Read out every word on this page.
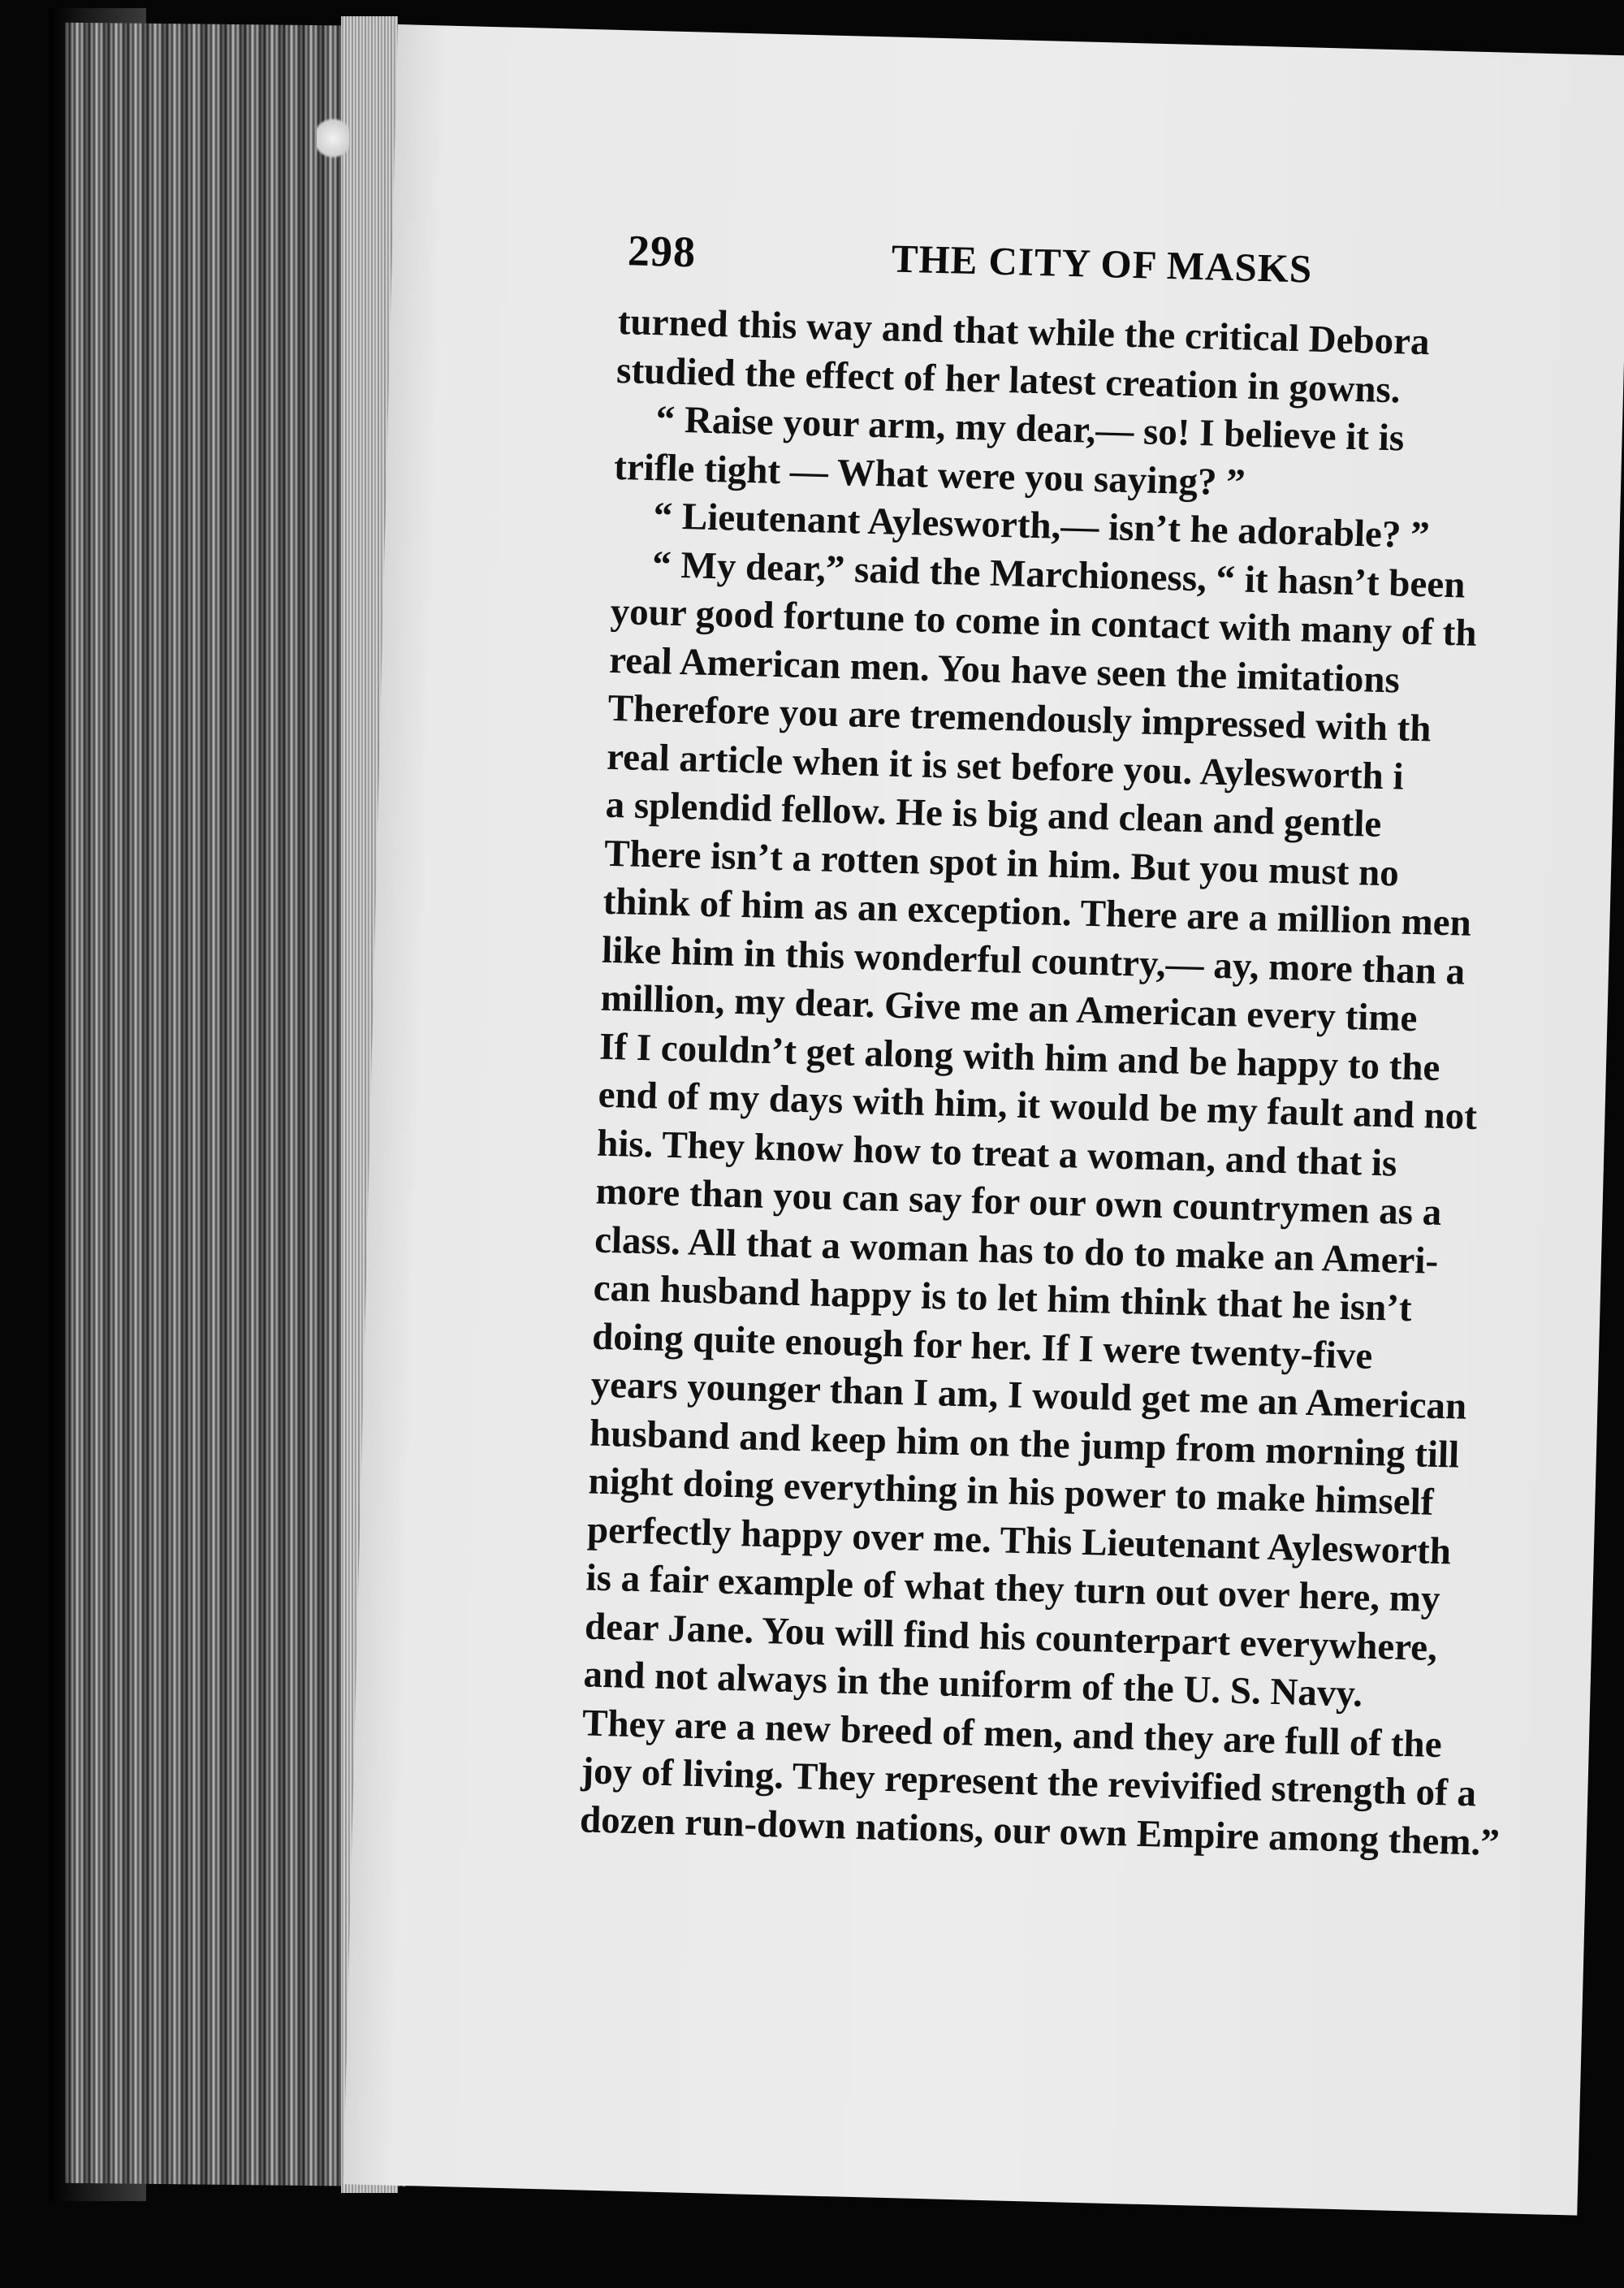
298	THE CITY OF MASKS
turned this way and that while the critical Debora
studied the effect of her latest creation in gowns.
“ Raise your arm, my dear,— so! I believe it is
trifle tight — What were you saying? ”
“ Lieutenant Aylesworth,— isn’t he adorable? ”
“ My dear,” said the Marchioness, “ it hasn’t been
your good fortune to come in contact with many of th
real American men. You have seen the imitations
Therefore you are tremendously impressed with th
real article when it is set before you. Aylesworth i
a splendid fellow. He is big and clean and gentle
There isn’t a rotten spot in him. But you must no
think of him as an exception. There are a million men
like him in this wonderful country,— ay, more than a
million, my dear. Give me an American every time
If I couldn’t get along with him and be happy to the
end of my days with him, it would be my fault and not
his. They know how to treat a woman, and that is
more than you can say for our own countrymen as a
class. All that a woman has to do to make an Ameri-
can husband happy is to let him think that he isn’t
doing quite enough for her. If I were twenty-five
years younger than I am, I would get me an American
husband and keep him on the jump from morning till
night doing everything in his power to make himself
perfectly happy over me. This Lieutenant Aylesworth
is a fair example of what they turn out over here, my
dear Jane. You will find his counterpart everywhere,
and not always in the uniform of the U. S. Navy.
They are a new breed of men, and they are full of the
joy of living. They represent the revivified strength of a
dozen run-down nations, our own Empire among them.”
